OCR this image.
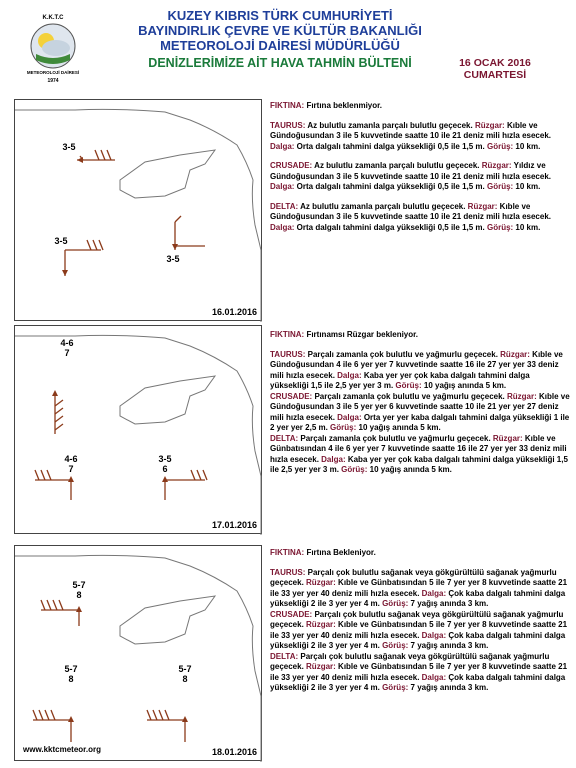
K.K.T.C
METEOROLOJİ DAİRESİ
1974
KUZEY KIBRIS TÜRK CUMHURİYETİ
BAYINDIRLIK ÇEVRE VE KÜLTÜR BAKANLIĞI
METEOROLOJİ DAİRESİ MÜDÜRLÜĞÜ
DENİZLERİMİZE AİT HAVA TAHMİN BÜLTENİ	16 OCAK 2016
CUMARTESİ
3-5
3-5
3-5
16.01.2016
4-6
7
4-6
7
3-5
6
17.01.2016
5-7
8
5-7
8
5-7
8
www.kktcmeteor.org	18.01.2016

FIKTINA: Fırtına beklenmiyor.

TAURUS: Az bulutlu zamanla parçalı bulutlu geçecek. Rüzgar: Kıble ve Gündoğusundan 3 ile 5 kuvvetinde saatte 10 ile 21 deniz mili hızla esecek. Dalga: Orta dalgalı tahmini dalga yüksekliği 0,5 ile 1,5 m. Görüş: 10 km.

CRUSADE: Az bulutlu zamanla parçalı bulutlu geçecek. Rüzgar: Yıldız ve Gündoğusundan 3 ile 5 kuvvetinde saatte 10 ile 21 deniz mili hızla esecek. Dalga: Orta dalgalı tahmini dalga yüksekliği 0,5 ile 1,5 m. Görüş: 10 km.

DELTA: Az bulutlu zamanla parçalı bulutlu geçecek. Rüzgar: Kıble ve Gündoğusundan 3 ile 5 kuvvetinde saatte 10 ile 21 deniz mili hızla esecek. Dalga: Orta dalgalı tahmini dalga yüksekliği 0,5 ile 1,5 m. Görüş: 10 km.

FIKTINA: Fırtınamsı Rüzgar bekleniyor.

TAURUS: Parçalı zamanla çok bulutlu ve yağmurlu geçecek. Rüzgar: Kıble ve Gündoğusundan 4 ile 6 yer yer 7 kuvvetinde saatte 16 ile 27 yer yer 33 deniz mili hızla esecek. Dalga: Kaba yer yer çok kaba dalgalı tahmini dalga yüksekliği 1,5 ile 2,5 yer yer 3 m. Görüş: 10 yağış anında 5 km.

CRUSADE: Parçalı zamanla çok bulutlu ve yağmurlu geçecek. Rüzgar: Kıble ve Gündoğusundan 3 ile 5 yer yer 6 kuvvetinde saatte 10 ile 21 yer yer 27 deniz mili hızla esecek. Dalga: Orta yer yer kaba dalgalı tahmini dalga yüksekliği 1 ile 2 yer yer 2,5 m. Görüş: 10 yağış anında 5 km.

DELTA: Parçalı zamanla çok bulutlu ve yağmurlu geçecek. Rüzgar: Kıble ve Günbatısından 4 ile 6 yer yer 7 kuvvetinde saatte 16 ile 27 yer yer 33 deniz mili hızla esecek. Dalga: Kaba yer yer çok kaba dalgalı tahmini dalga yüksekliği 1,5 ile 2,5 yer yer 3 m. Görüş: 10 yağış anında 5 km.

FIKTINA: Fırtına Bekleniyor.

TAURUS: Parçalı çok bulutlu sağanak veya gökgürültülü sağanak yağmurlu geçecek. Rüzgar: Kıble ve Günbatısından 5 ile 7 yer yer 8 kuvvetinde saatte 21 ile 33 yer yer 40 deniz mili hızla esecek. Dalga: Çok kaba dalgalı tahmini dalga yüksekliği 2 ile 3 yer yer 4 m. Görüş: 7 yağış anında 3 km.

CRUSADE: Parçalı çok bulutlu sağanak veya gökgürültülü sağanak yağmurlu geçecek. Rüzgar: Kıble ve Günbatısından 5 ile 7 yer yer 8 kuvvetinde saatte 21 ile 33 yer yer 40 deniz mili hızla esecek. Dalga: Çok kaba dalgalı tahmini dalga yüksekliği 2 ile 3 yer yer 4 m. Görüş: 7 yağış anında 3 km.

DELTA: Parçalı çok bulutlu sağanak veya gökgürültülü sağanak yağmurlu geçecek. Rüzgar: Kıble ve Günbatısından 5 ile 7 yer yer 8 kuvvetinde saatte 21 ile 33 yer yer 40 deniz mili hızla esecek. Dalga: Çok kaba dalgalı tahmini dalga yüksekliği 2 ile 3 yer yer 4 m. Görüş: 7 yağış anında 3 km.
